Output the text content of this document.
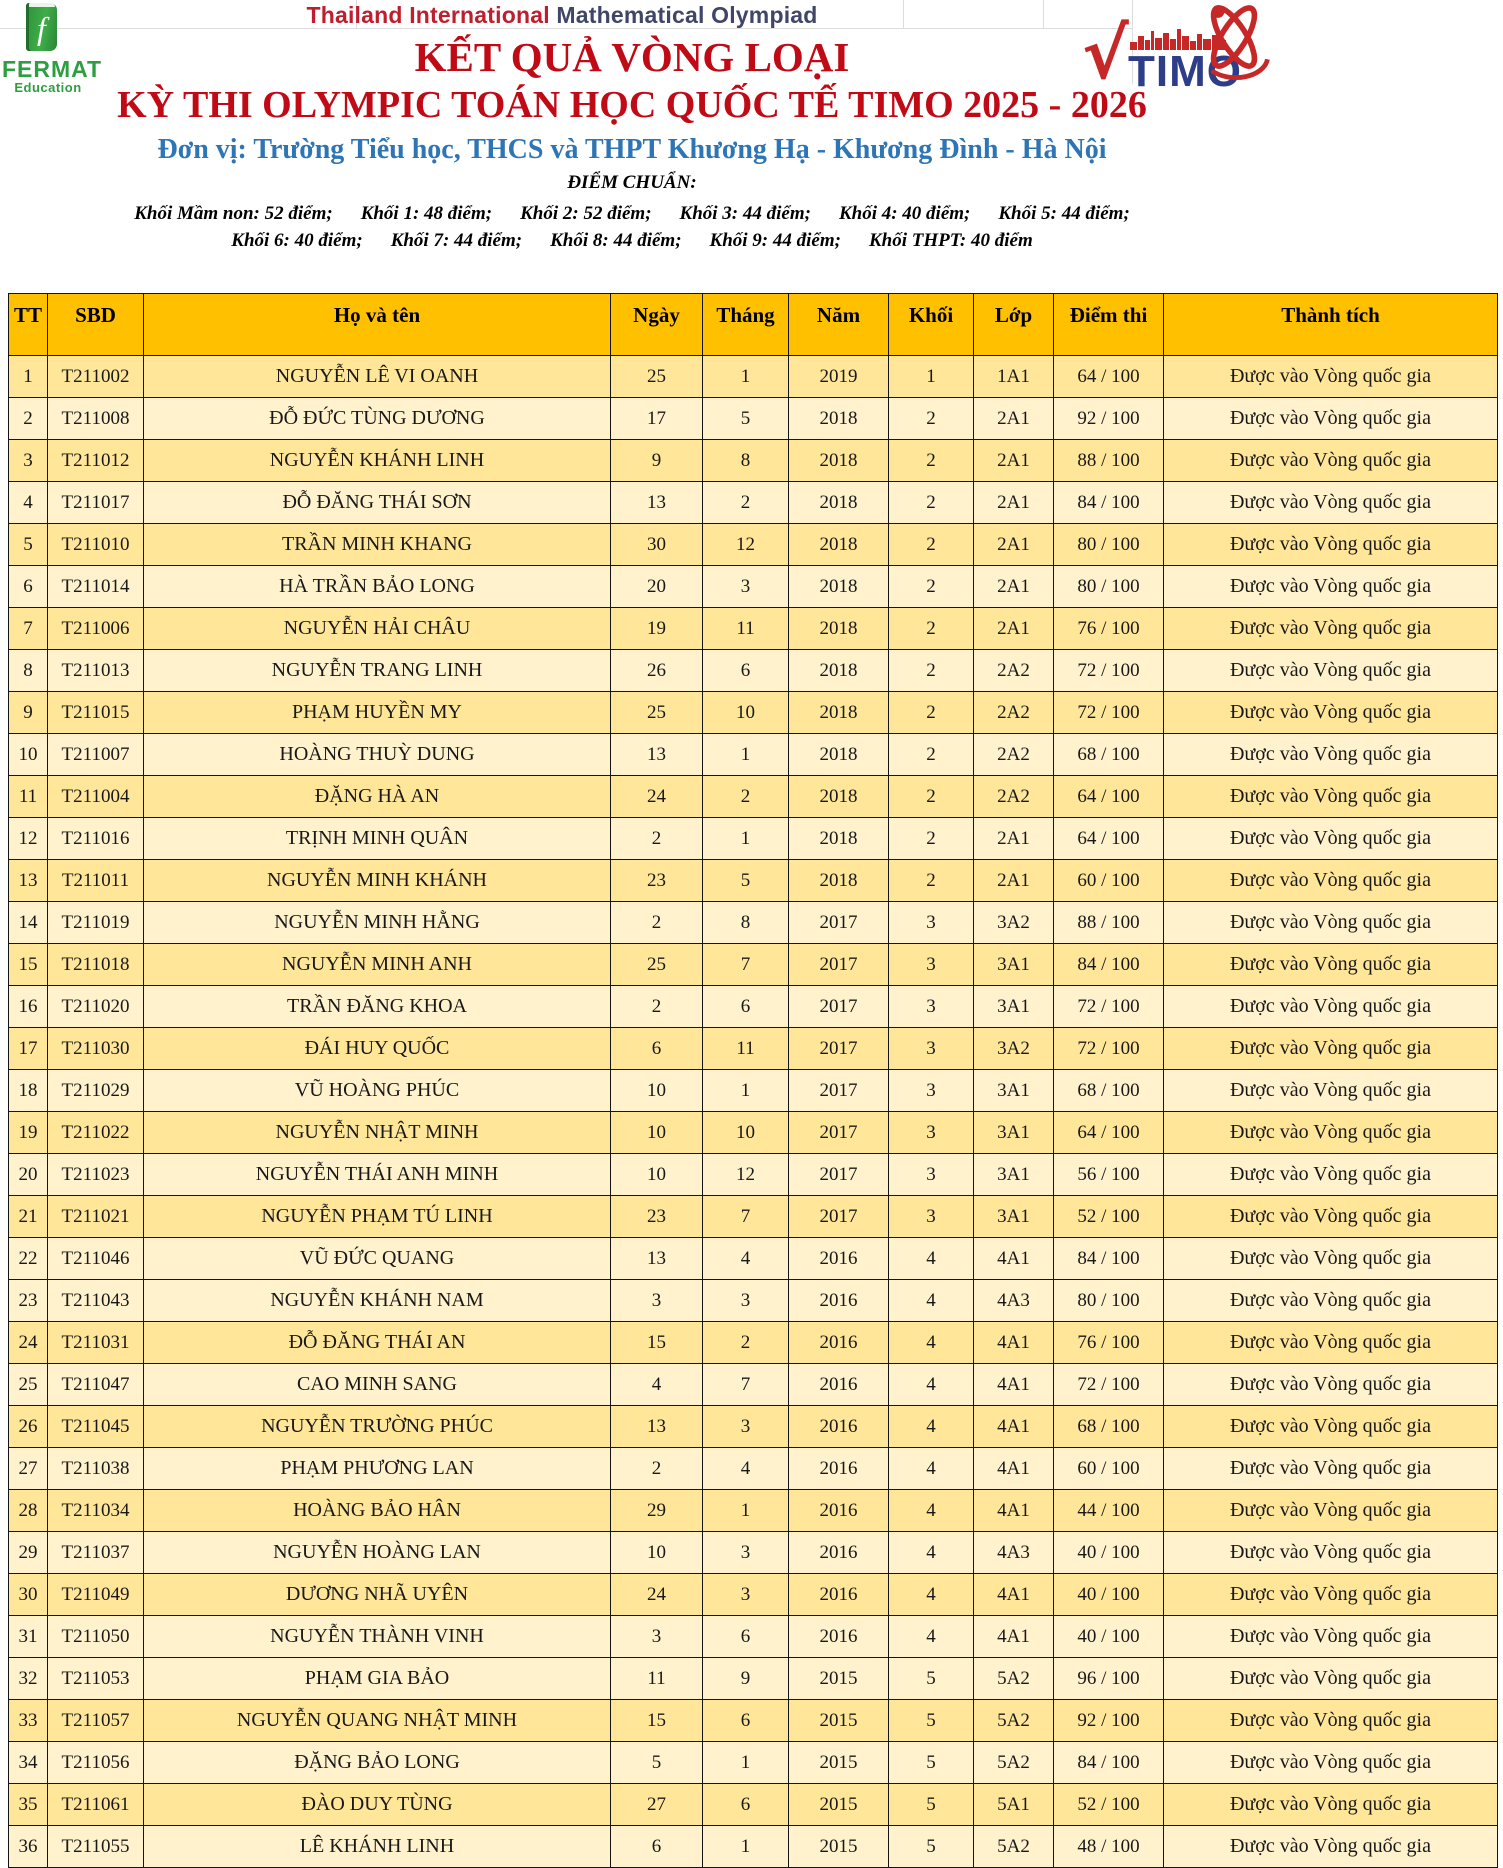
f
FERMAT
Education
Thailand International Mathematical Olympiad	√ TIMO
KẾT QUẢ VÒNG LOẠI
KỲ THI OLYMPIC TOÁN HỌC QUỐC TẾ TIMO 2025 - 2026
Đơn vị: Trường Tiểu học, THCS và THPT Khương Hạ - Khương Đình - Hà Nội
ĐIỂM CHUẨN:
Khối Mầm non: 52 điểm; Khối 1: 48 điểm; Khối 2: 52 điểm; Khối 3: 44 điểm; Khối 4: 40 điểm; Khối 5: 44 điểm;
Khối 6: 40 điểm; Khối 7: 44 điểm; Khối 8: 44 điểm; Khối 9: 44 điểm; Khối THPT: 40 điểm
TT	SBD	Họ và tên	Ngày	Tháng	Năm	Khối	Lớp	Điểm thi	Thành tích
1	T211002	NGUYỄN LÊ VI OANH	25	1	2019	1	1A1	64 / 100	Được vào Vòng quốc gia
2	T211008	ĐỖ ĐỨC TÙNG DƯƠNG	17	5	2018	2	2A1	92 / 100	Được vào Vòng quốc gia
3	T211012	NGUYỄN KHÁNH LINH	9	8	2018	2	2A1	88 / 100	Được vào Vòng quốc gia
4	T211017	ĐỖ ĐĂNG THÁI SƠN	13	2	2018	2	2A1	84 / 100	Được vào Vòng quốc gia
5	T211010	TRẦN MINH KHANG	30	12	2018	2	2A1	80 / 100	Được vào Vòng quốc gia
6	T211014	HÀ TRẦN BẢO LONG	20	3	2018	2	2A1	80 / 100	Được vào Vòng quốc gia
7	T211006	NGUYỄN HẢI CHÂU	19	11	2018	2	2A1	76 / 100	Được vào Vòng quốc gia
8	T211013	NGUYỄN TRANG LINH	26	6	2018	2	2A2	72 / 100	Được vào Vòng quốc gia
9	T211015	PHẠM HUYỀN MY	25	10	2018	2	2A2	72 / 100	Được vào Vòng quốc gia
10	T211007	HOÀNG THUỲ DUNG	13	1	2018	2	2A2	68 / 100	Được vào Vòng quốc gia
11	T211004	ĐẶNG HÀ AN	24	2	2018	2	2A2	64 / 100	Được vào Vòng quốc gia
12	T211016	TRỊNH MINH QUÂN	2	1	2018	2	2A1	64 / 100	Được vào Vòng quốc gia
13	T211011	NGUYỄN MINH KHÁNH	23	5	2018	2	2A1	60 / 100	Được vào Vòng quốc gia
14	T211019	NGUYỄN MINH HẰNG	2	8	2017	3	3A2	88 / 100	Được vào Vòng quốc gia
15	T211018	NGUYỄN MINH ANH	25	7	2017	3	3A1	84 / 100	Được vào Vòng quốc gia
16	T211020	TRẦN ĐĂNG KHOA	2	6	2017	3	3A1	72 / 100	Được vào Vòng quốc gia
17	T211030	ĐÁI HUY QUỐC	6	11	2017	3	3A2	72 / 100	Được vào Vòng quốc gia
18	T211029	VŨ HOÀNG PHÚC	10	1	2017	3	3A1	68 / 100	Được vào Vòng quốc gia
19	T211022	NGUYỄN NHẬT MINH	10	10	2017	3	3A1	64 / 100	Được vào Vòng quốc gia
20	T211023	NGUYỄN THÁI ANH MINH	10	12	2017	3	3A1	56 / 100	Được vào Vòng quốc gia
21	T211021	NGUYỄN PHẠM TÚ LINH	23	7	2017	3	3A1	52 / 100	Được vào Vòng quốc gia
22	T211046	VŨ ĐỨC QUANG	13	4	2016	4	4A1	84 / 100	Được vào Vòng quốc gia
23	T211043	NGUYỄN KHÁNH NAM	3	3	2016	4	4A3	80 / 100	Được vào Vòng quốc gia
24	T211031	ĐỖ ĐĂNG THÁI AN	15	2	2016	4	4A1	76 / 100	Được vào Vòng quốc gia
25	T211047	CAO MINH SANG	4	7	2016	4	4A1	72 / 100	Được vào Vòng quốc gia
26	T211045	NGUYỄN TRƯỜNG PHÚC	13	3	2016	4	4A1	68 / 100	Được vào Vòng quốc gia
27	T211038	PHẠM PHƯƠNG LAN	2	4	2016	4	4A1	60 / 100	Được vào Vòng quốc gia
28	T211034	HOÀNG BẢO HÂN	29	1	2016	4	4A1	44 / 100	Được vào Vòng quốc gia
29	T211037	NGUYỄN HOÀNG LAN	10	3	2016	4	4A3	40 / 100	Được vào Vòng quốc gia
30	T211049	DƯƠNG NHÃ UYÊN	24	3	2016	4	4A1	40 / 100	Được vào Vòng quốc gia
31	T211050	NGUYỄN THÀNH VINH	3	6	2016	4	4A1	40 / 100	Được vào Vòng quốc gia
32	T211053	PHẠM GIA BẢO	11	9	2015	5	5A2	96 / 100	Được vào Vòng quốc gia
33	T211057	NGUYỄN QUANG NHẬT MINH	15	6	2015	5	5A2	92 / 100	Được vào Vòng quốc gia
34	T211056	ĐẶNG BẢO LONG	5	1	2015	5	5A2	84 / 100	Được vào Vòng quốc gia
35	T211061	ĐÀO DUY TÙNG	27	6	2015	5	5A1	52 / 100	Được vào Vòng quốc gia
36	T211055	LÊ KHÁNH LINH	6	1	2015	5	5A2	48 / 100	Được vào Vòng quốc gia
